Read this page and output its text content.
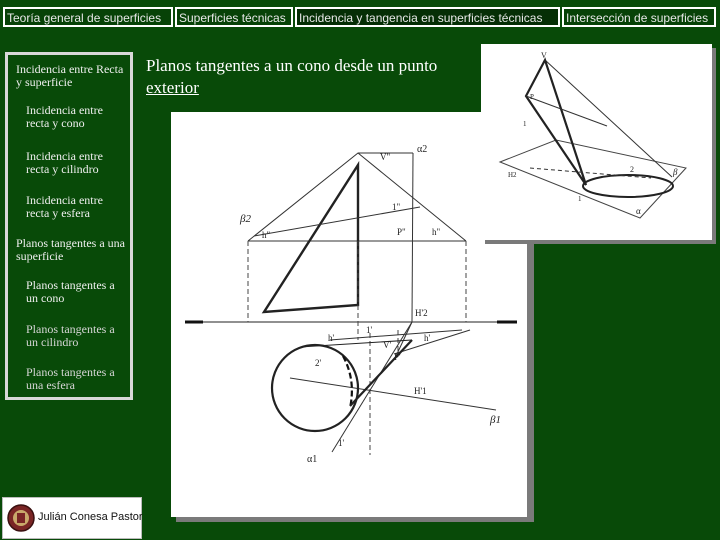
Teoría general de superficies	Superficies técnicas	Incidencia y tangencia en superficies técnicas	Intersección de superficies
Incidencia entre Recta y superficie
Incidencia entre recta y cono
Incidencia entre recta y cilindro
Incidencia entre recta y esfera
Planos tangentes a una superficie
Planos tangentes a un cono
Planos tangentes a un cilindro
Planos tangentes a una esfera
Planos tangentes a un cono desde un punto
exterior
V"
α2
1"
β2
h"	P"	h"
H'2
1'
h'
V'
h'
P'
2'
H'1
β1
1'
α1
V
P
1
2	β
H2
1
α
Julián Conesa Pastor
